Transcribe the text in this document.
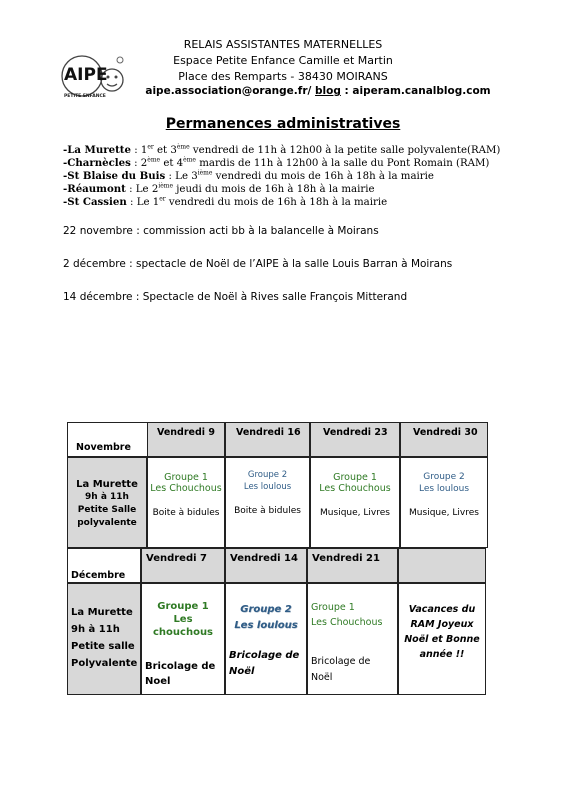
RELAIS ASSISTANTES MATERNELLES
Espace Petite Enfance Camille et Martin
Place des Remparts - 38430 MOIRANS
aipe.association@orange.fr/ blog : aiperam.canalblog.com
AIPE
PETITE ENFANCE
Permanences administratives
-La Murette : 1er et 3ème vendredi de 11h à 12h00 à la petite salle polyvalente(RAM)
-Charnècles : 2ème et 4ème mardis de 11h à 12h00 à la salle du Pont Romain (RAM)
-St Blaise du Buis : Le 3ième vendredi du mois de 16h à 18h à la mairie
-Réaumont : Le 2ième jeudi du mois de 16h à 18h à la mairie
-St Cassien : Le 1er vendredi du mois de 16h à 18h à la mairie
22 novembre : commission acti bb à la balancelle à Moirans
2 décembre : spectacle de Noël de l’AIPE à la salle Louis Barran à Moirans
14 décembre : Spectacle de Noël à Rives salle François Mitterand
Novembre
Vendredi 9 Vendredi 16 Vendredi 23	Vendredi 30
La Murette
9h à 11h
Petite Salle
polyvalente
Groupe 1
Les Chouchous
Boite à bidules
Groupe 2
Les loulous
Boite à bidules
Groupe 1
Les Chouchous
Musique, Livres
Groupe 2
Les loulous
Musique, Livres
Décembre
Vendredi 7 Vendredi 14 Vendredi 21
La Murette
9h à 11h
Petite salle
Polyvalente
Groupe 1
Les
chouchous
Bricolage de
Noel
Groupe 2
Les loulous
Bricolage de
Noël
Groupe 1
Les Chouchous
Bricolage de
Noël
Vacances du
RAM Joyeux
Noël et Bonne
année !!
